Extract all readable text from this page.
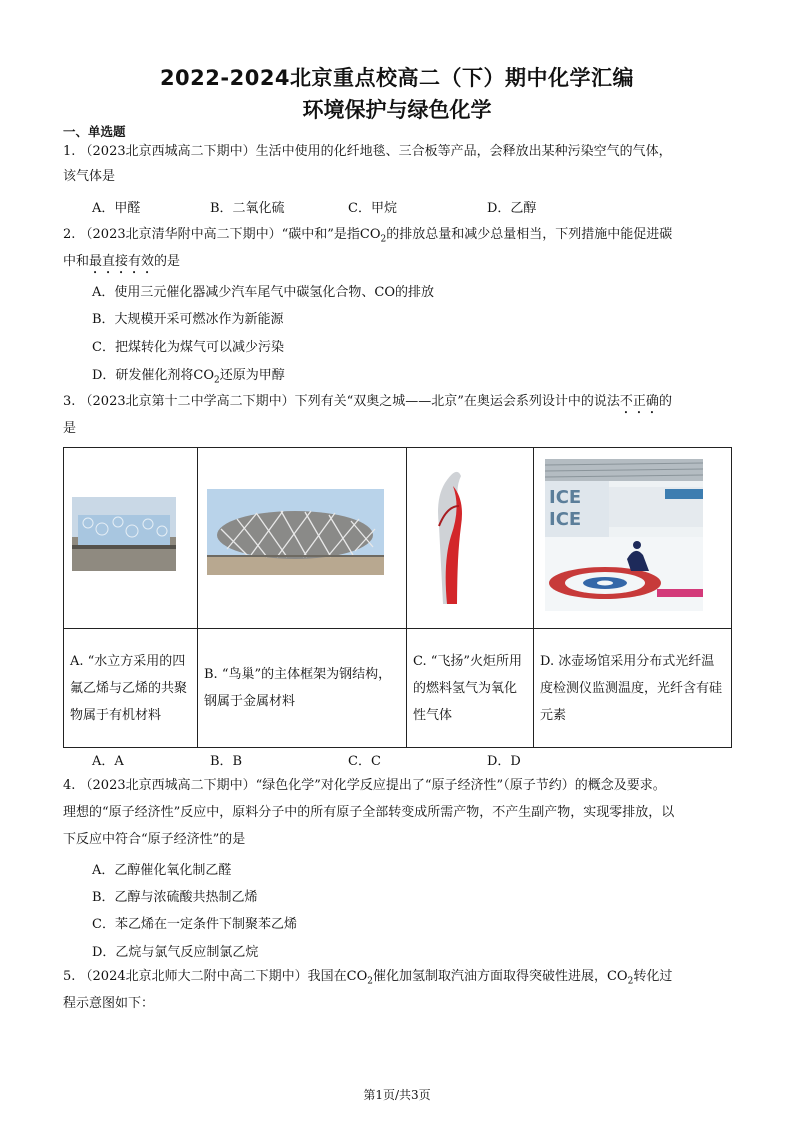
2022-2024北京重点校高二（下）期中化学汇编
环境保护与绿色化学
一、单选题
1. （2023北京西城高二下期中）生活中使用的化纤地毯、三合板等产品，会释放出某种污染空气的气体，
该气体是
A．甲醛	B．二氧化硫	C．甲烷	D．乙醇
2. （2023北京清华附中高二下期中）“碳中和”是指$CO_2$的排放总量和减少总量相当，下列措施中能促进碳
中和最直接有效的是
A．使用三元催化器减少汽车尾气中碳氢化合物、CO的排放
B．大规模开采可燃冰作为新能源
C．把煤转化为煤气可以减少污染
D．研发催化剂将$CO_2$还原为甲醇
3. （2023北京第十二中学高二下期中）下列有关“双奥之城——北京”在奥运会系列设计中的说法不正确的
是

ICE
ICE

A. “水立方采用的四氟乙烯与乙烯的共聚物属于有机材料	B. “鸟巢”的主体框架为钢结构，钢属于金属材料	C. “飞扬”火炬所用的燃料氢气为氧化性气体	D. 冰壶场馆采用分布式光纤温度检测仪监测温度，光纤含有硅元素
A．A	B．B	C．C	D．D
4. （2023北京西城高二下期中）“绿色化学”对化学反应提出了“原子经济性”（原子节约）的概念及要求。
理想的“原子经济性”反应中，原料分子中的所有原子全部转变成所需产物，不产生副产物，实现零排放，以
下反应中符合“原子经济性”的是
A．乙醇催化氧化制乙醛
B．乙醇与浓硫酸共热制乙烯
C．苯乙烯在一定条件下制聚苯乙烯
D．乙烷与氯气反应制氯乙烷
5. （2024北京北师大二附中高二下期中）我国在$CO_2$催化加氢制取汽油方面取得突破性进展，$CO_2$转化过
程示意图如下：
第1页/共3页
